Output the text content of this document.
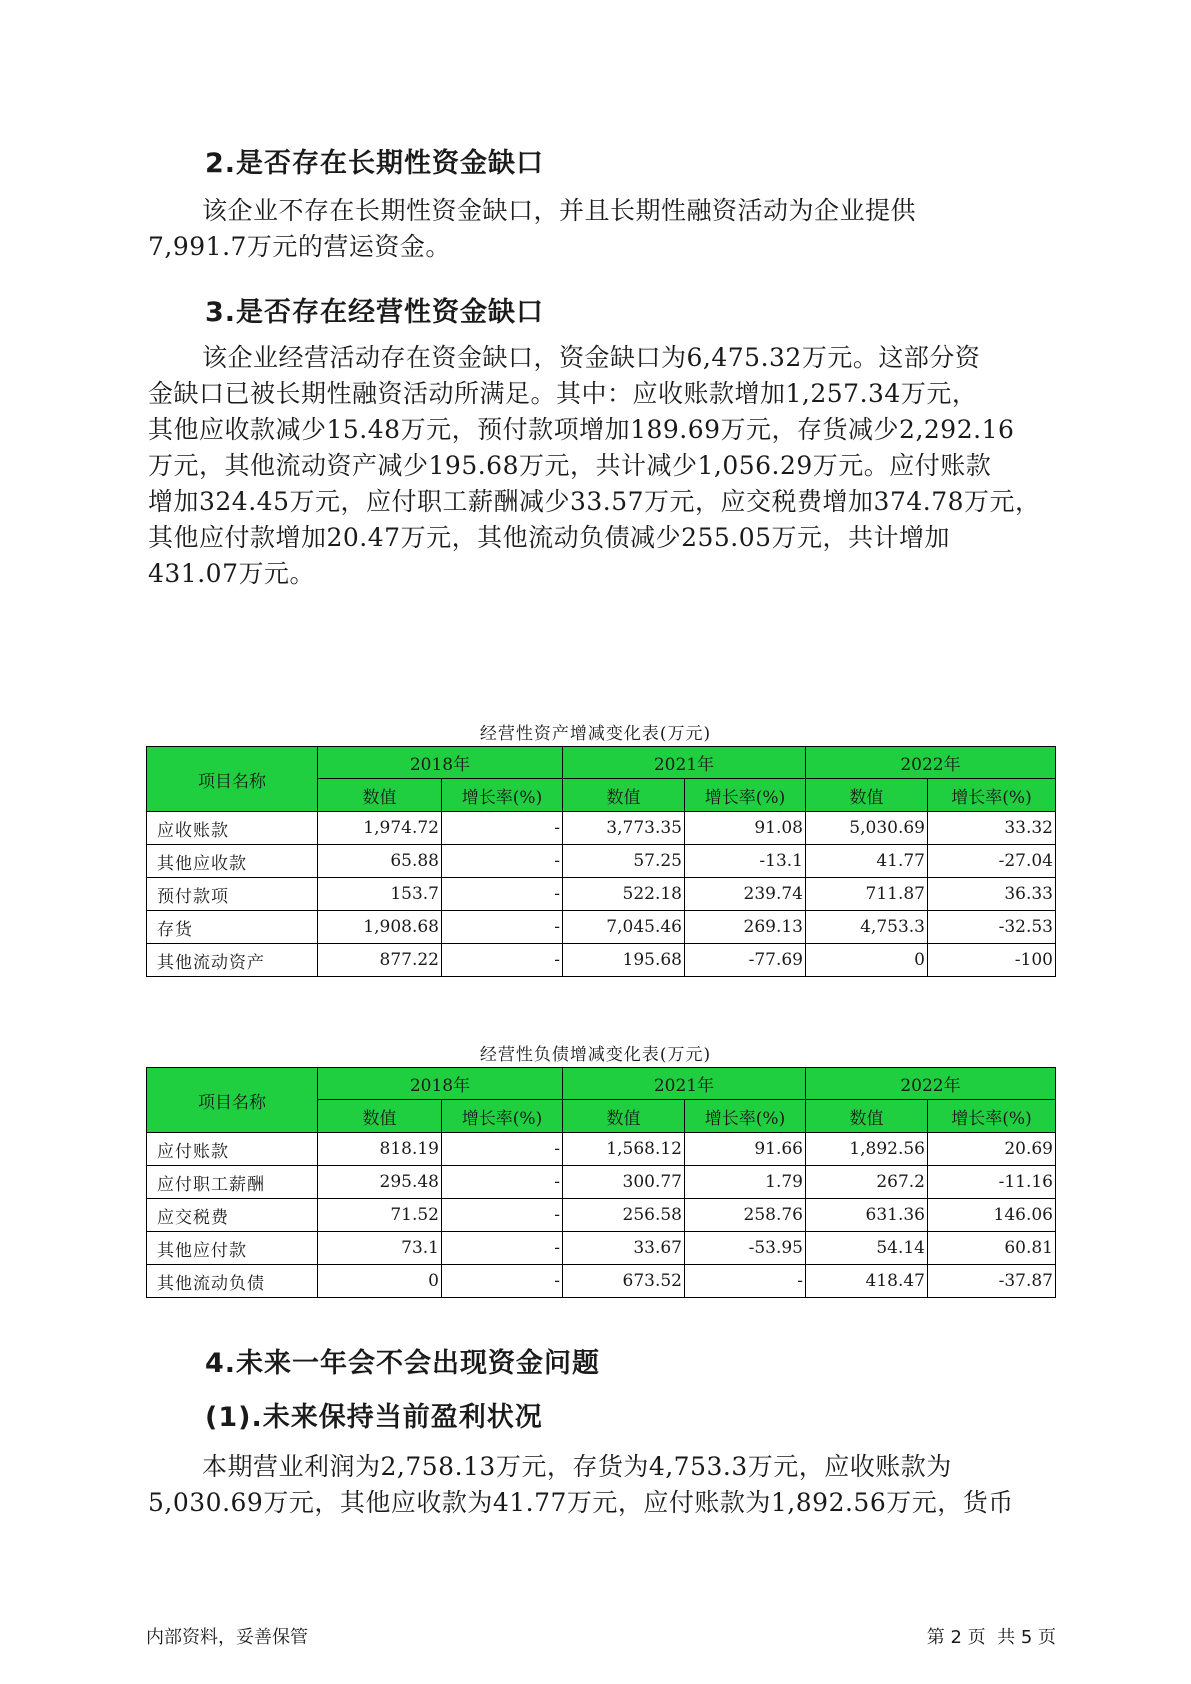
2.是否存在长期性资金缺口
该企业不存在长期性资金缺口，并且长期性融资活动为企业提供
7,991.7万元的营运资金。
3.是否存在经营性资金缺口
该企业经营活动存在资金缺口，资金缺口为6,475.32万元。这部分资
金缺口已被长期性融资活动所满足。其中：应收账款增加1,257.34万元，
其他应收款减少15.48万元，预付款项增加189.69万元，存货减少2,292.16
万元，其他流动资产减少195.68万元，共计减少1,056.29万元。应付账款
增加324.45万元，应付职工薪酬减少33.57万元，应交税费增加374.78万元，
其他应付款增加20.47万元，其他流动负债减少255.05万元，共计增加
431.07万元。
经营性资产增减变化表(万元)
项目名称	2018年		2021年		2022年	
	数值	增长率(%)	数值	增长率(%)	数值	增长率(%)
应收账款	1,974.72	-	3,773.35	91.08	5,030.69	33.32
其他应收款	65.88	-	57.25	-13.1	41.77	-27.04
预付款项	153.7	-	522.18	239.74	711.87	36.33
存货	1,908.68	-	7,045.46	269.13	4,753.3	-32.53
其他流动资产	877.22	-	195.68	-77.69	0	-100
经营性负债增减变化表(万元)
项目名称	2018年		2021年		2022年	
	数值	增长率(%)	数值	增长率(%)	数值	增长率(%)
应付账款	818.19	-	1,568.12	91.66	1,892.56	20.69
应付职工薪酬	295.48	-	300.77	1.79	267.2	-11.16
应交税费	71.52	-	256.58	258.76	631.36	146.06
其他应付款	73.1	-	33.67	-53.95	54.14	60.81
其他流动负债	0	-	673.52	-	418.47	-37.87
4.未来一年会不会出现资金问题
(1).未来保持当前盈利状况
本期营业利润为2,758.13万元，存货为4,753.3万元，应收账款为
5,030.69万元，其他应收款为41.77万元，应付账款为1,892.56万元，货币
内部资料，妥善保管	第 2 页  共 5 页
